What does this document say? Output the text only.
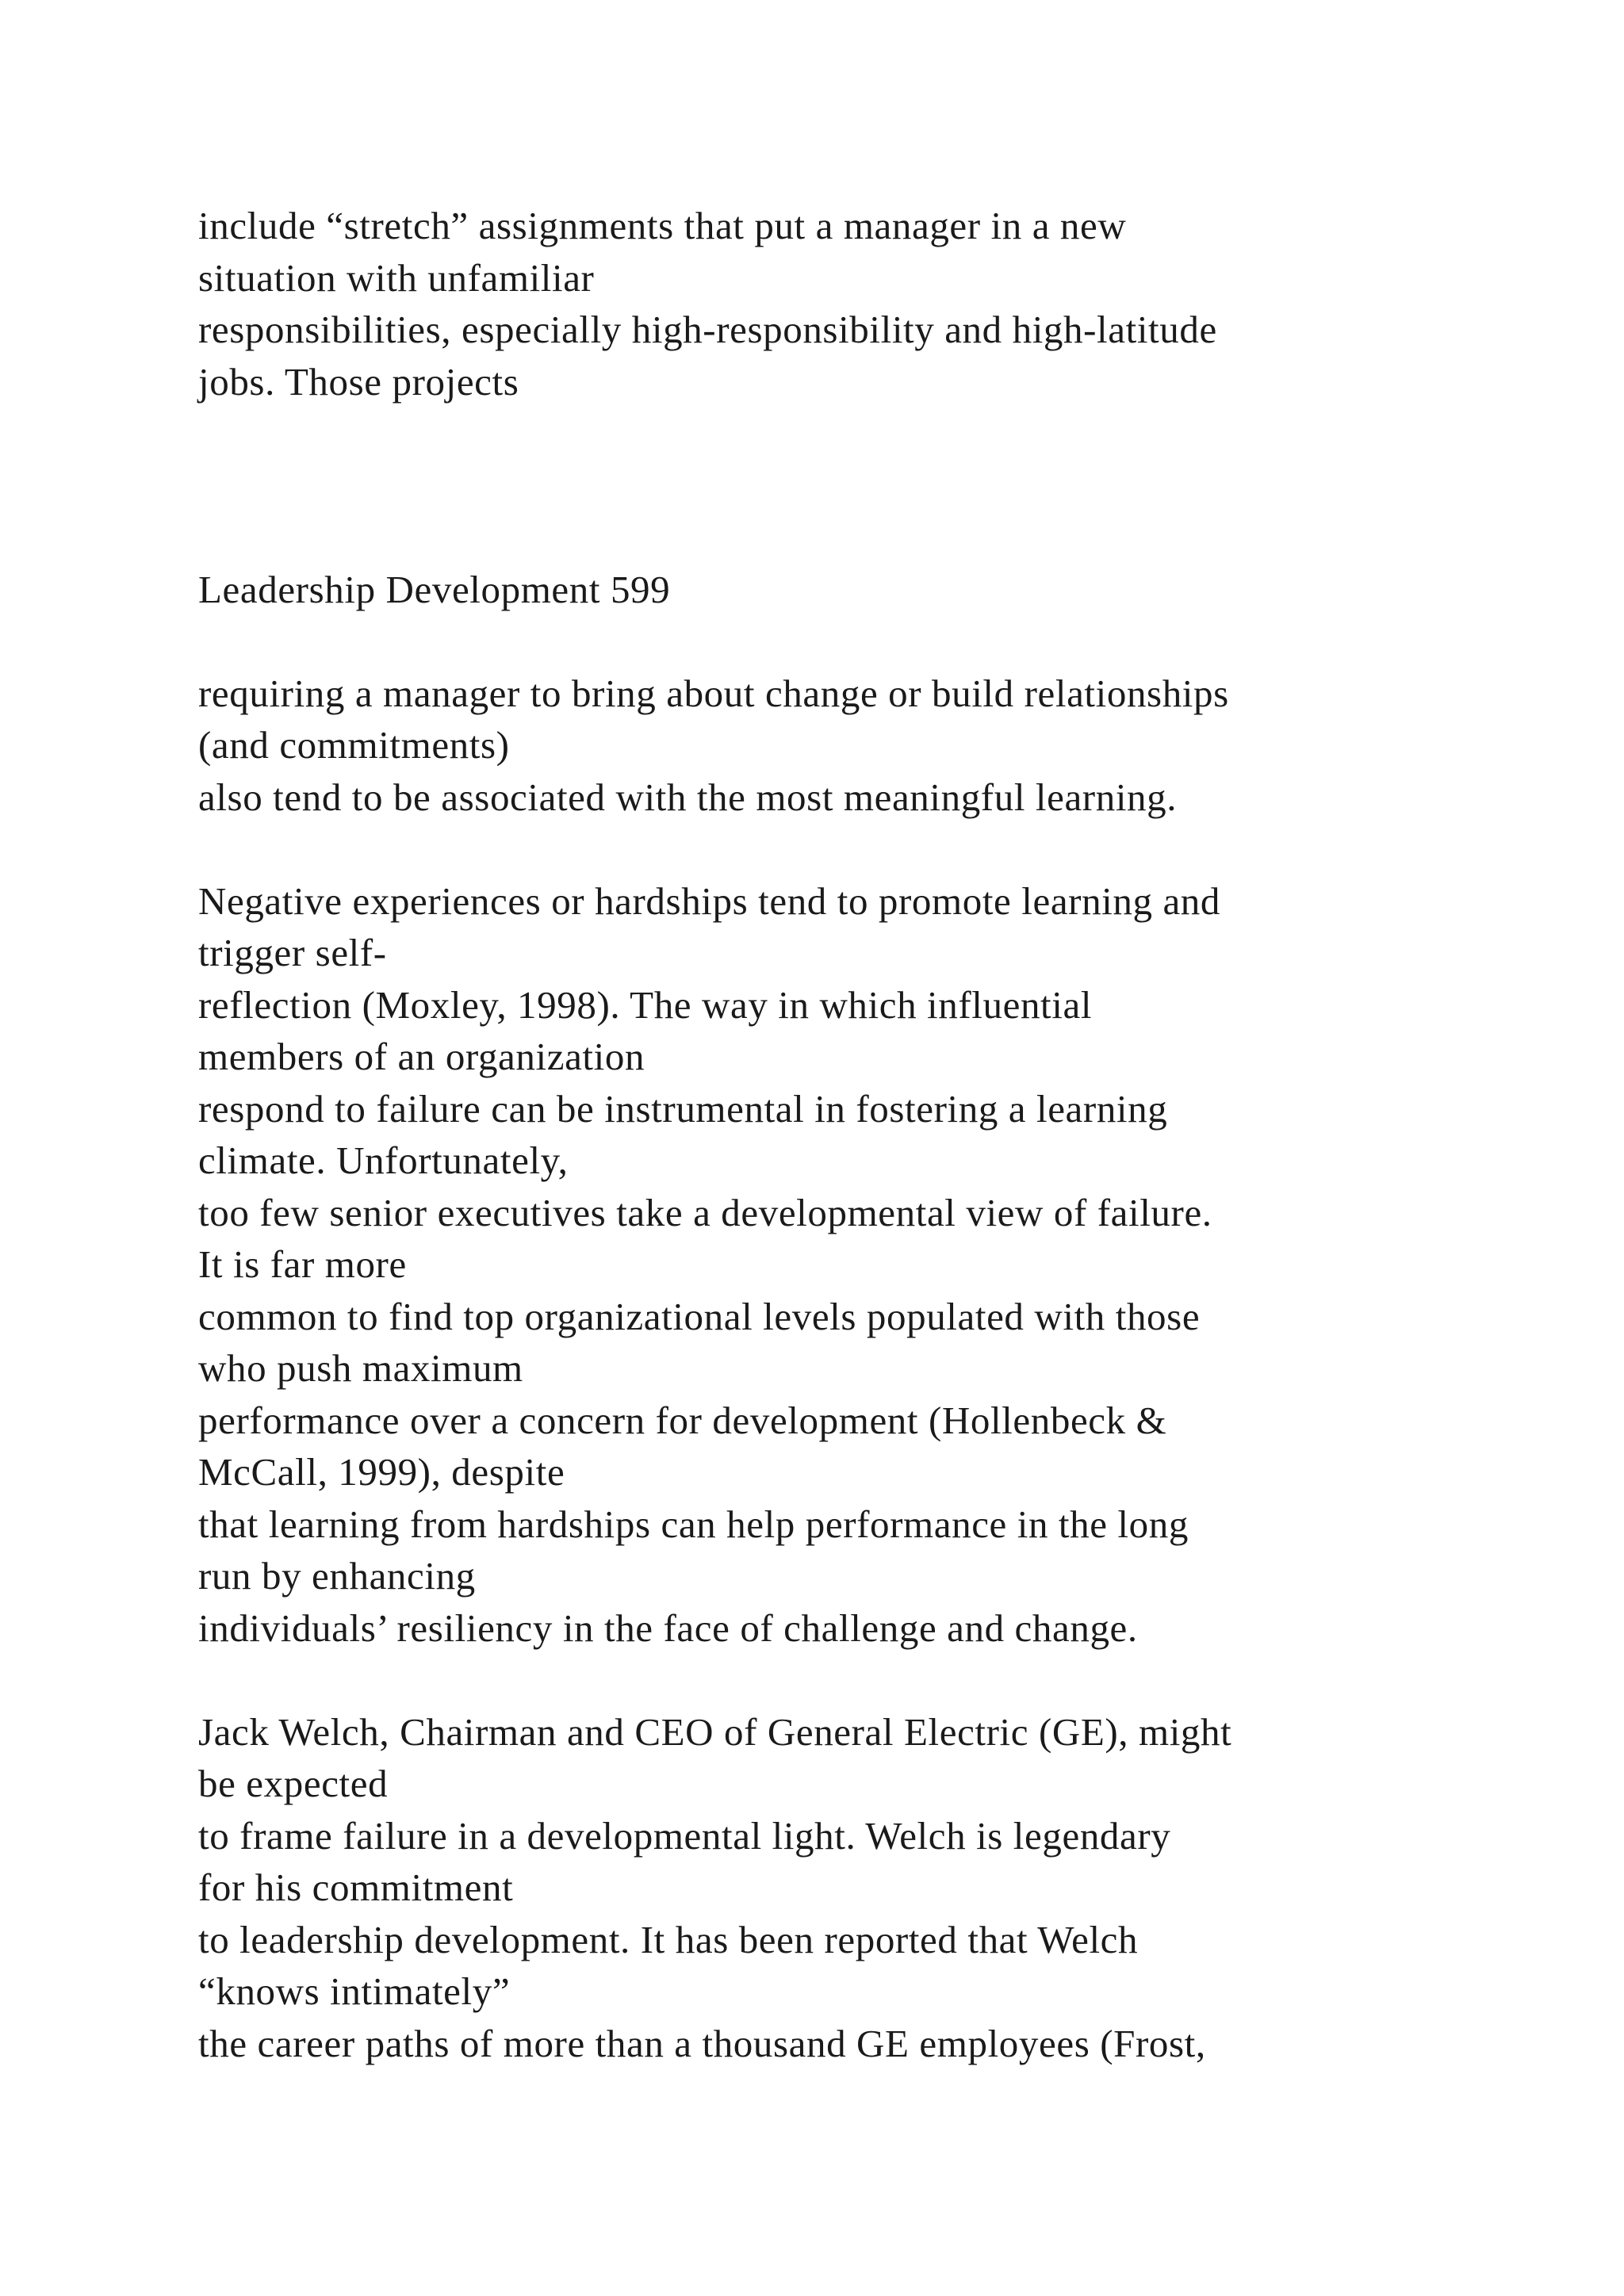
include “stretch” assignments that put a manager in a new
situation with unfamiliar
responsibilities, especially high-responsibility and high-latitude
jobs. Those projects
Leadership Development 599
requiring a manager to bring about change or build relationships
(and commitments)
also tend to be associated with the most meaningful learning.
Negative experiences or hardships tend to promote learning and
trigger self-
reflection (Moxley, 1998). The way in which influential
members of an organization
respond to failure can be instrumental in fostering a learning
climate. Unfortunately,
too few senior executives take a developmental view of failure.
It is far more
common to find top organizational levels populated with those
who push maximum
performance over a concern for development (Hollenbeck &
McCall, 1999), despite
that learning from hardships can help performance in the long
run by enhancing
individuals’ resiliency in the face of challenge and change.
Jack Welch, Chairman and CEO of General Electric (GE), might
be expected
to frame failure in a developmental light. Welch is legendary
for his commitment
to leadership development. It has been reported that Welch
“knows intimately”
the career paths of more than a thousand GE employees (Frost,
